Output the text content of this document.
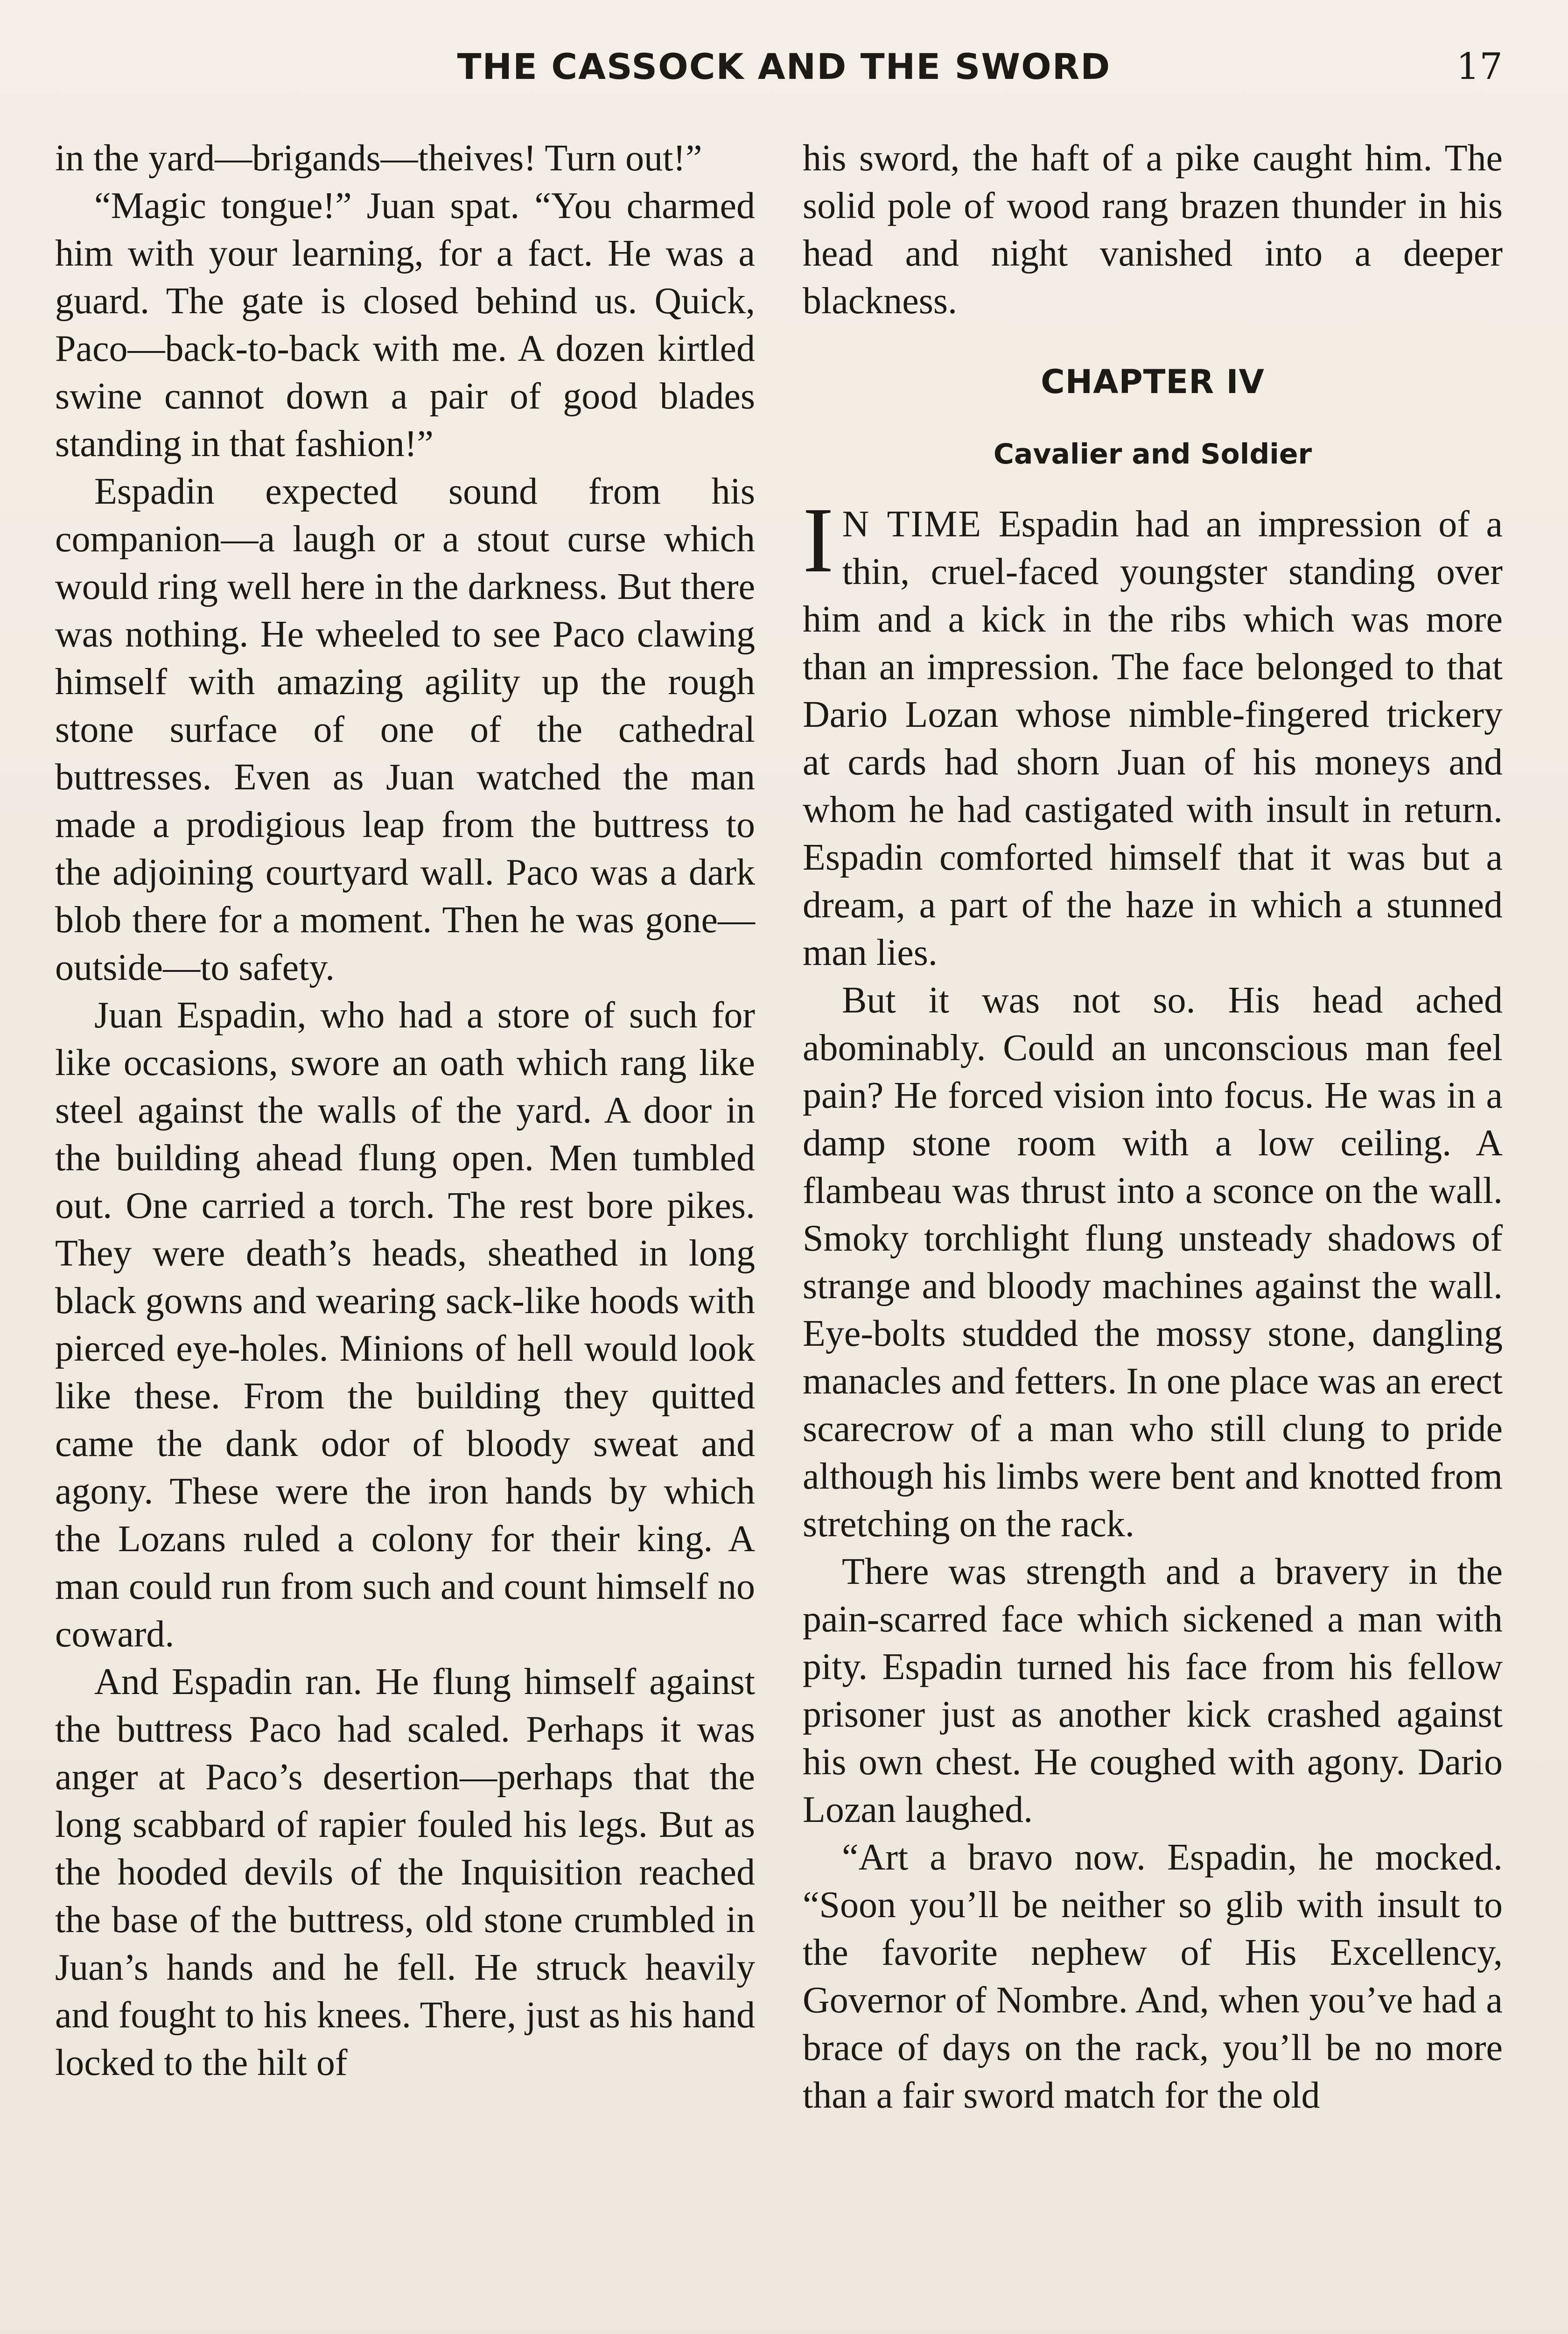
THE CASSOCK AND THE SWORD	17

in the yard—brigands—theives! Turn out!”

“Magic tongue!” Juan spat. “You charmed him with your learning, for a fact. He was a guard. The gate is closed behind us. Quick, Paco—back-to-back with me. A dozen kirtled swine cannot down a pair of good blades standing in that fashion!”

Espadin expected sound from his companion—a laugh or a stout curse which would ring well here in the darkness. But there was nothing. He wheeled to see Paco clawing himself with amazing agility up the rough stone surface of one of the cathedral buttresses. Even as Juan watched the man made a prodigious leap from the buttress to the adjoining courtyard wall. Paco was a dark blob there for a moment. Then he was gone—outside—to safety.

Juan Espadin, who had a store of such for like occasions, swore an oath which rang like steel against the walls of the yard. A door in the building ahead flung open. Men tumbled out. One carried a torch. The rest bore pikes. They were death’s heads, sheathed in long black gowns and wearing sack-like hoods with pierced eye-holes. Minions of hell would look like these. From the building they quitted came the dank odor of bloody sweat and agony. These were the iron hands by which the Lozans ruled a colony for their king. A man could run from such and count himself no coward.

And Espadin ran. He flung himself against the buttress Paco had scaled. Perhaps it was anger at Paco’s desertion—perhaps that the long scabbard of rapier fouled his legs. But as the hooded devils of the Inquisition reached the base of the buttress, old stone crumbled in Juan’s hands and he fell. He struck heavily and fought to his knees. There, just as his hand locked to the hilt of

his sword, the haft of a pike caught him. The solid pole of wood rang brazen thunder in his head and night vanished into a deeper blackness.

CHAPTER IV
Cavalier and Soldier

I N TIME Espadin had an impression of a thin, cruel-faced youngster standing over him and a kick in the ribs which was more than an impression. The face belonged to that Dario Lozan whose nimble-fingered trickery at cards had shorn Juan of his moneys and whom he had castigated with insult in return. Espadin comforted himself that it was but a dream, a part of the haze in which a stunned man lies.

But it was not so. His head ached abominably. Could an unconscious man feel pain? He forced vision into focus. He was in a damp stone room with a low ceiling. A flambeau was thrust into a sconce on the wall. Smoky torchlight flung unsteady shadows of strange and bloody machines against the wall. Eye-bolts studded the mossy stone, dangling manacles and fetters. In one place was an erect scarecrow of a man who still clung to pride although his limbs were bent and knotted from stretching on the rack.

There was strength and a bravery in the pain-scarred face which sickened a man with pity. Espadin turned his face from his fellow prisoner just as another kick crashed against his own chest. He coughed with agony. Dario Lozan laughed.

“Art a bravo now. Espadin, he mocked. “Soon you’ll be neither so glib with insult to the favorite nephew of His Excellency, Governor of Nombre. And, when you’ve had a brace of days on the rack, you’ll be no more than a fair sword match for the old
